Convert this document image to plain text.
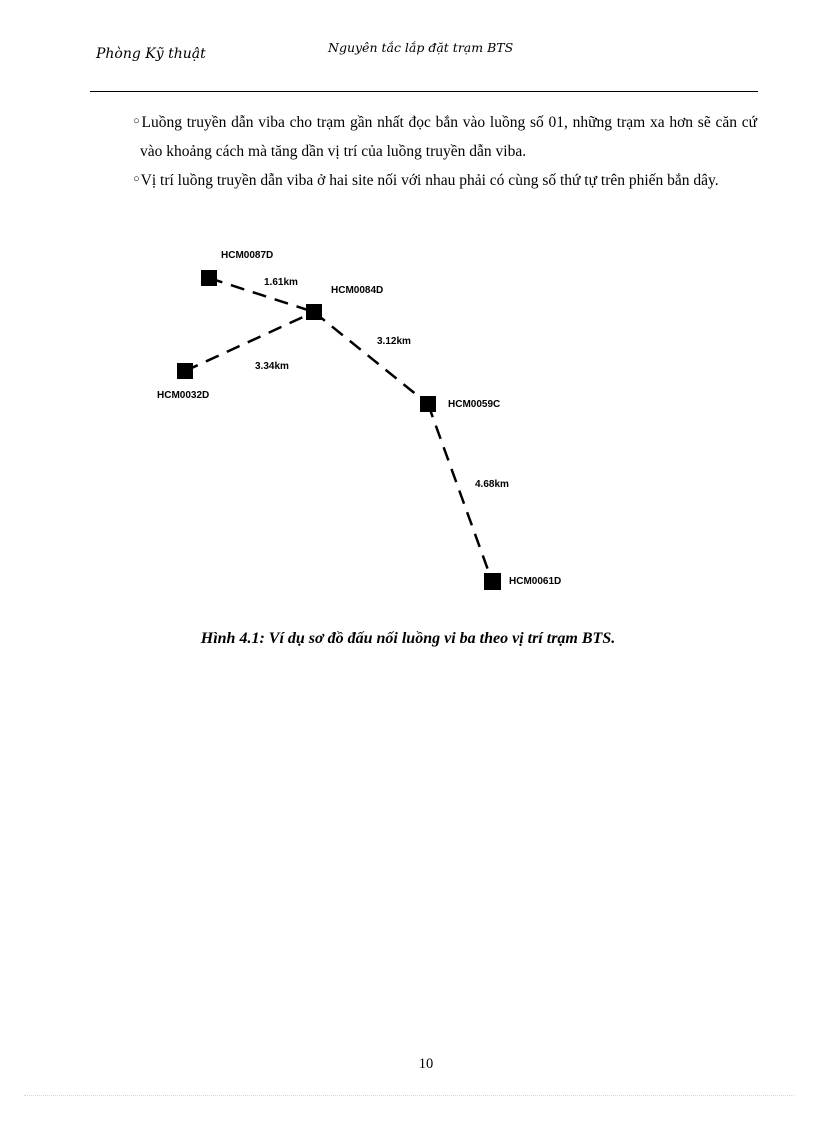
Phòng Kỹ thuật	Nguyên tắc lắp đặt trạm BTS
○Luồng truyền dẫn viba cho trạm gần nhất đọc bắn vào luồng số 01, những trạm xa hơn sẽ căn cứ vào khoảng cách mà tăng dần vị trí của luồng truyền dẫn viba.
○Vị trí luồng truyền dẫn viba ở hai site nối với nhau phải có cùng số thứ tự trên phiến bắn dây.
HCM0087D
HCM0084D
HCM0032D
HCM0059C
HCM0061D
1.61km
3.34km
3.12km
4.68km
Hình 4.1: Ví dụ sơ đồ đấu nối luồng vi ba theo vị trí trạm BTS.
10
